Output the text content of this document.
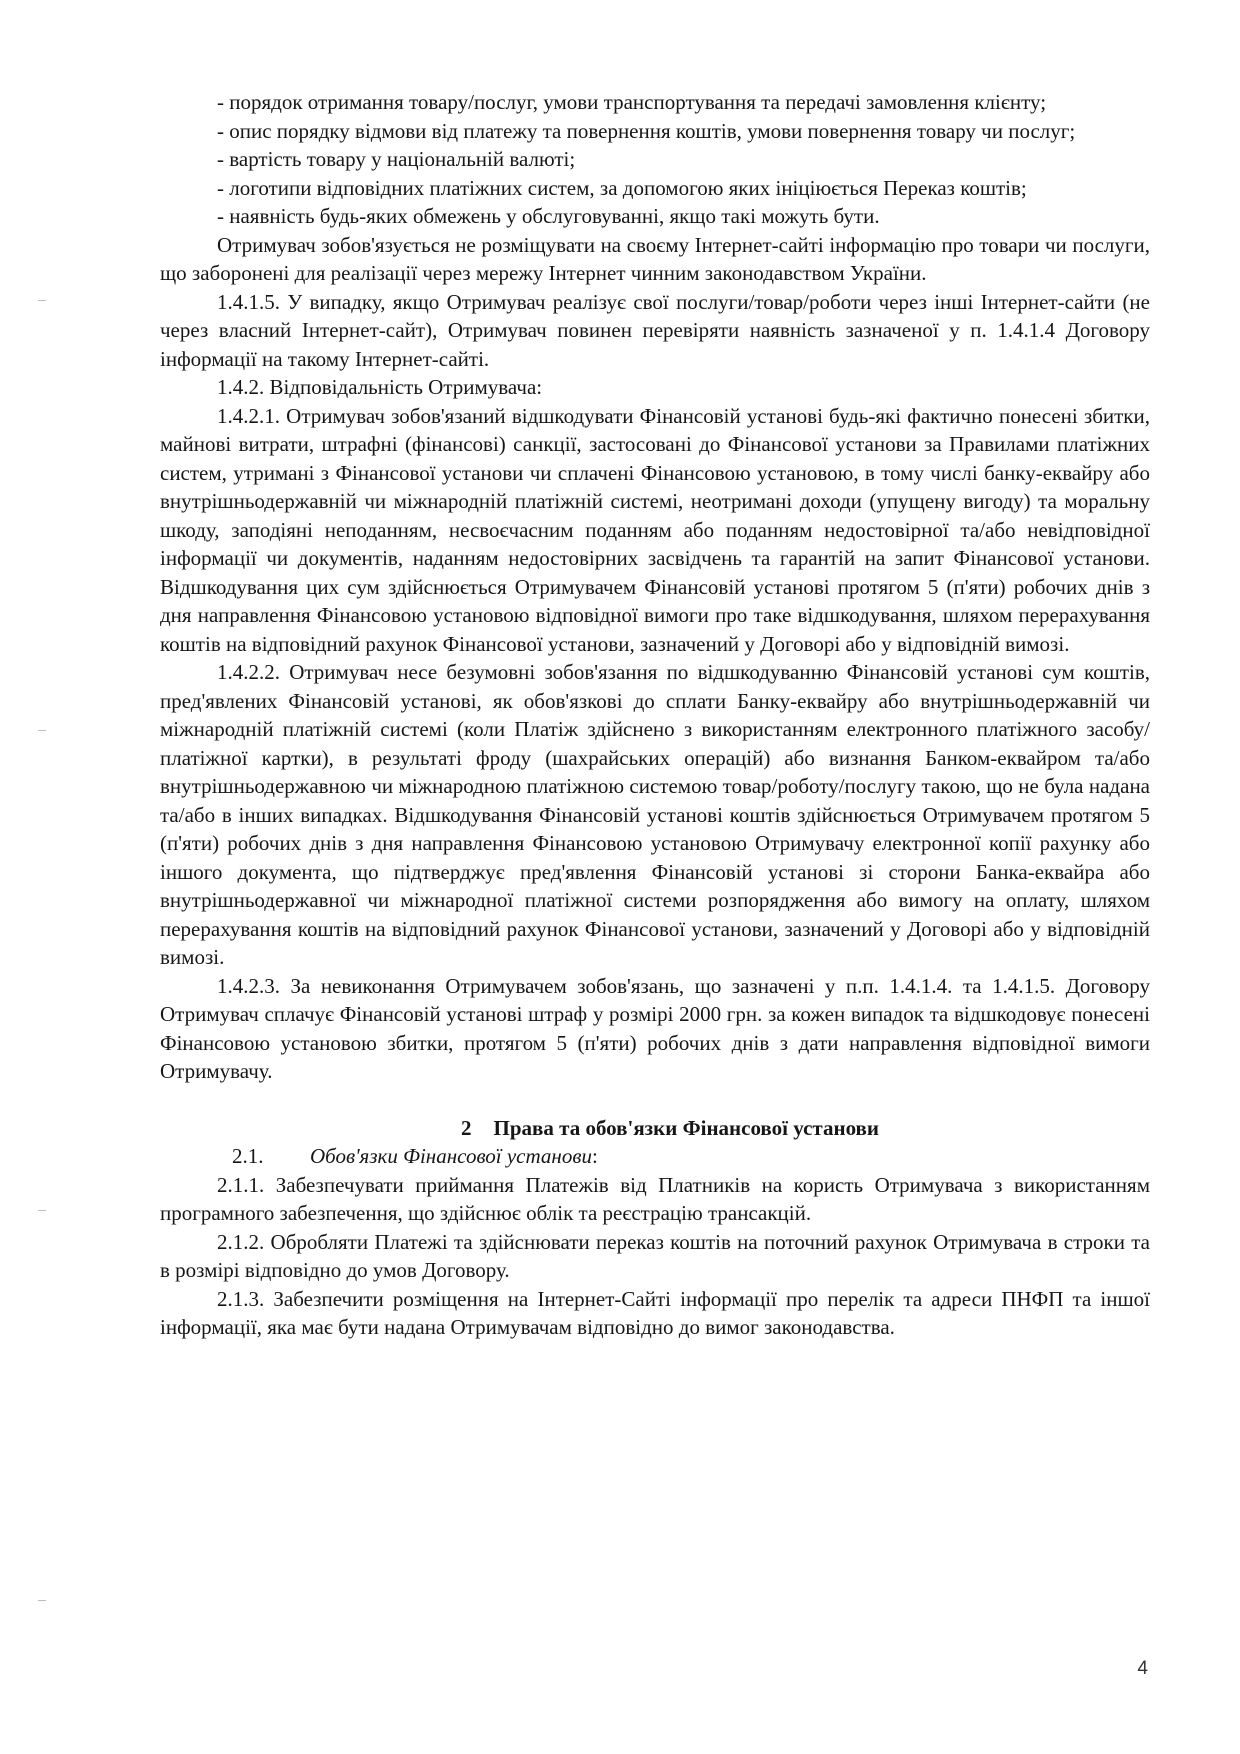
- порядок отримання товару/послуг, умови транспортування та передачі замовлення клієнту;

- опис порядку відмови від платежу та повернення коштів, умови повернення товару чи послуг;

- вартість товару у національній валюті;

- логотипи відповідних платіжних систем, за допомогою яких ініціюється Переказ коштів;

- наявність будь-яких обмежень у обслуговуванні, якщо такі можуть бути.

Отримувач зобов'язується не розміщувати на своєму Інтернет-сайті інформацію про товари чи послуги, що заборонені для реалізації через мережу Інтернет чинним законодавством України.

1.4.1.5. У випадку, якщо Отримувач реалізує свої послуги/товар/роботи через інші Інтернет-сайти (не через власний Інтернет-сайт), Отримувач повинен перевіряти наявність зазначеної у п. 1.4.1.4 Договору інформації на такому Інтернет-сайті.

1.4.2. Відповідальність Отримувача:

1.4.2.1. Отримувач зобов'язаний відшкодувати Фінансовій установі будь-які фактично понесені збитки, майнові витрати, штрафні (фінансові) санкції, застосовані до Фінансової установи за Правилами платіжних систем, утримані з Фінансової установи чи сплачені Фінансовою установою, в тому числі банку-еквайру або внутрішньодержавній чи міжнародній платіжній системі, неотримані доходи (упущену вигоду) та моральну шкоду, заподіяні неподанням, несвоєчасним поданням або поданням недостовірної та/або невідповідної інформації чи документів, наданням недостовірних засвідчень та гарантій на запит Фінансової установи. Відшкодування цих сум здійснюється Отримувачем Фінансовій установі протягом 5 (п'яти) робочих днів з дня направлення Фінансовою установою відповідної вимоги про таке відшкодування, шляхом перерахування коштів на відповідний рахунок Фінансової установи, зазначений у Договорі або у відповідній вимозі.

1.4.2.2. Отримувач несе безумовні зобов'язання по відшкодуванню Фінансовій установі сум коштів, пред'явлених Фінансовій установі, як обов'язкові до сплати Банку-еквайру або внутрішньодержавній чи міжнародній платіжній системі (коли Платіж здійснено з використанням електронного платіжного засобу/платіжної картки), в результаті фроду (шахрайських операцій) або визнання Банком-еквайром та/або внутрішньодержавною чи міжнародною платіжною системою товар/роботу/послугу такою, що не була надана та/або в інших випадках. Відшкодування Фінансовій установі коштів здійснюється Отримувачем протягом 5 (п'яти) робочих днів з дня направлення Фінансовою установою Отримувачу електронної копії рахунку або іншого документа, що підтверджує пред'явлення Фінансовій установі зі сторони Банка-еквайра або внутрішньодержавної чи міжнародної платіжної системи розпорядження або вимогу на оплату, шляхом перерахування коштів на відповідний рахунок Фінансової установи, зазначений у Договорі або у відповідній вимозі.

1.4.2.3. За невиконання Отримувачем зобов'язань, що зазначені у п.п. 1.4.1.4. та 1.4.1.5. Договору Отримувач сплачує Фінансовій установі штраф у розмірі 2000 грн. за кожен випадок та відшкодовує понесені Фінансовою установою збитки, протягом 5 (п'яти) робочих днів з дати направлення відповідної вимоги Отримувачу.

2 Права та обов'язки Фінансової установи

2.1. Обов'язки Фінансової установи:

2.1.1. Забезпечувати приймання Платежів від Платників на користь Отримувача з використанням програмного забезпечення, що здійснює облік та реєстрацію трансакцій.

2.1.2. Обробляти Платежі та здійснювати переказ коштів на поточний рахунок Отримувача в строки та в розмірі відповідно до умов Договору.

2.1.3. Забезпечити розміщення на Інтернет-Сайті інформації про перелік та адреси ПНФП та іншої інформації, яка має бути надана Отримувачам відповідно до вимог законодавства.

4
